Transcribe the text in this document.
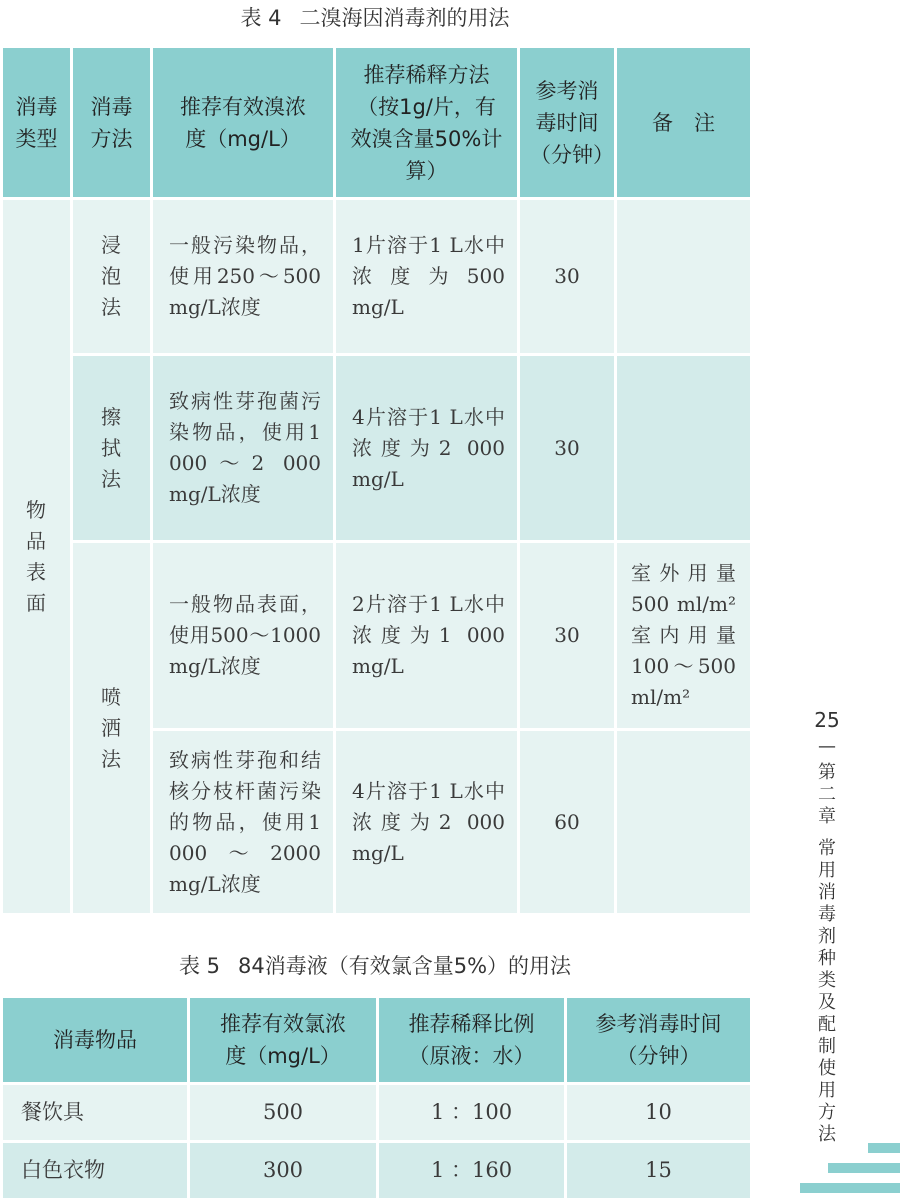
表 4 二溴海因消毒剂的用法
消毒类型	消毒方法	推荐有效溴浓度（mg/L）	推荐稀释方法（按1g/片，有效溴含量50%计算）	参考消毒时间（分钟）	备　注
物品表面	浸泡法	一般污染物品，使用250～500 mg/L浓度	1片溶于1 L水中浓度为500 mg/L	30	
	擦拭法	致病性芽孢菌污染物品，使用1 000～2 000 mg/L浓度	4片溶于1 L水中浓度为2 000 mg/L	30	
	喷洒法	一般物品表面，使用500～1000 mg/L浓度	2片溶于1 L水中浓度为1 000 mg/L	30	室外用量500 ml/m²室内用量100～500 ml/m²
		致病性芽孢和结核分枝杆菌污染的物品，使用1 000～2000 mg/L浓度	4片溶于1 L水中浓度为2 000 mg/L	60	
表 5 84消毒液（有效氯含量5%）的用法
消毒物品	推荐有效氯浓度（mg/L）	推荐稀释比例（原液：水）	参考消毒时间（分钟）
餐饮具	500	1 ：100	10
白色衣物	300	1 ：160	15
25
—
第二章
常用消毒剂种类及配制使用方法
